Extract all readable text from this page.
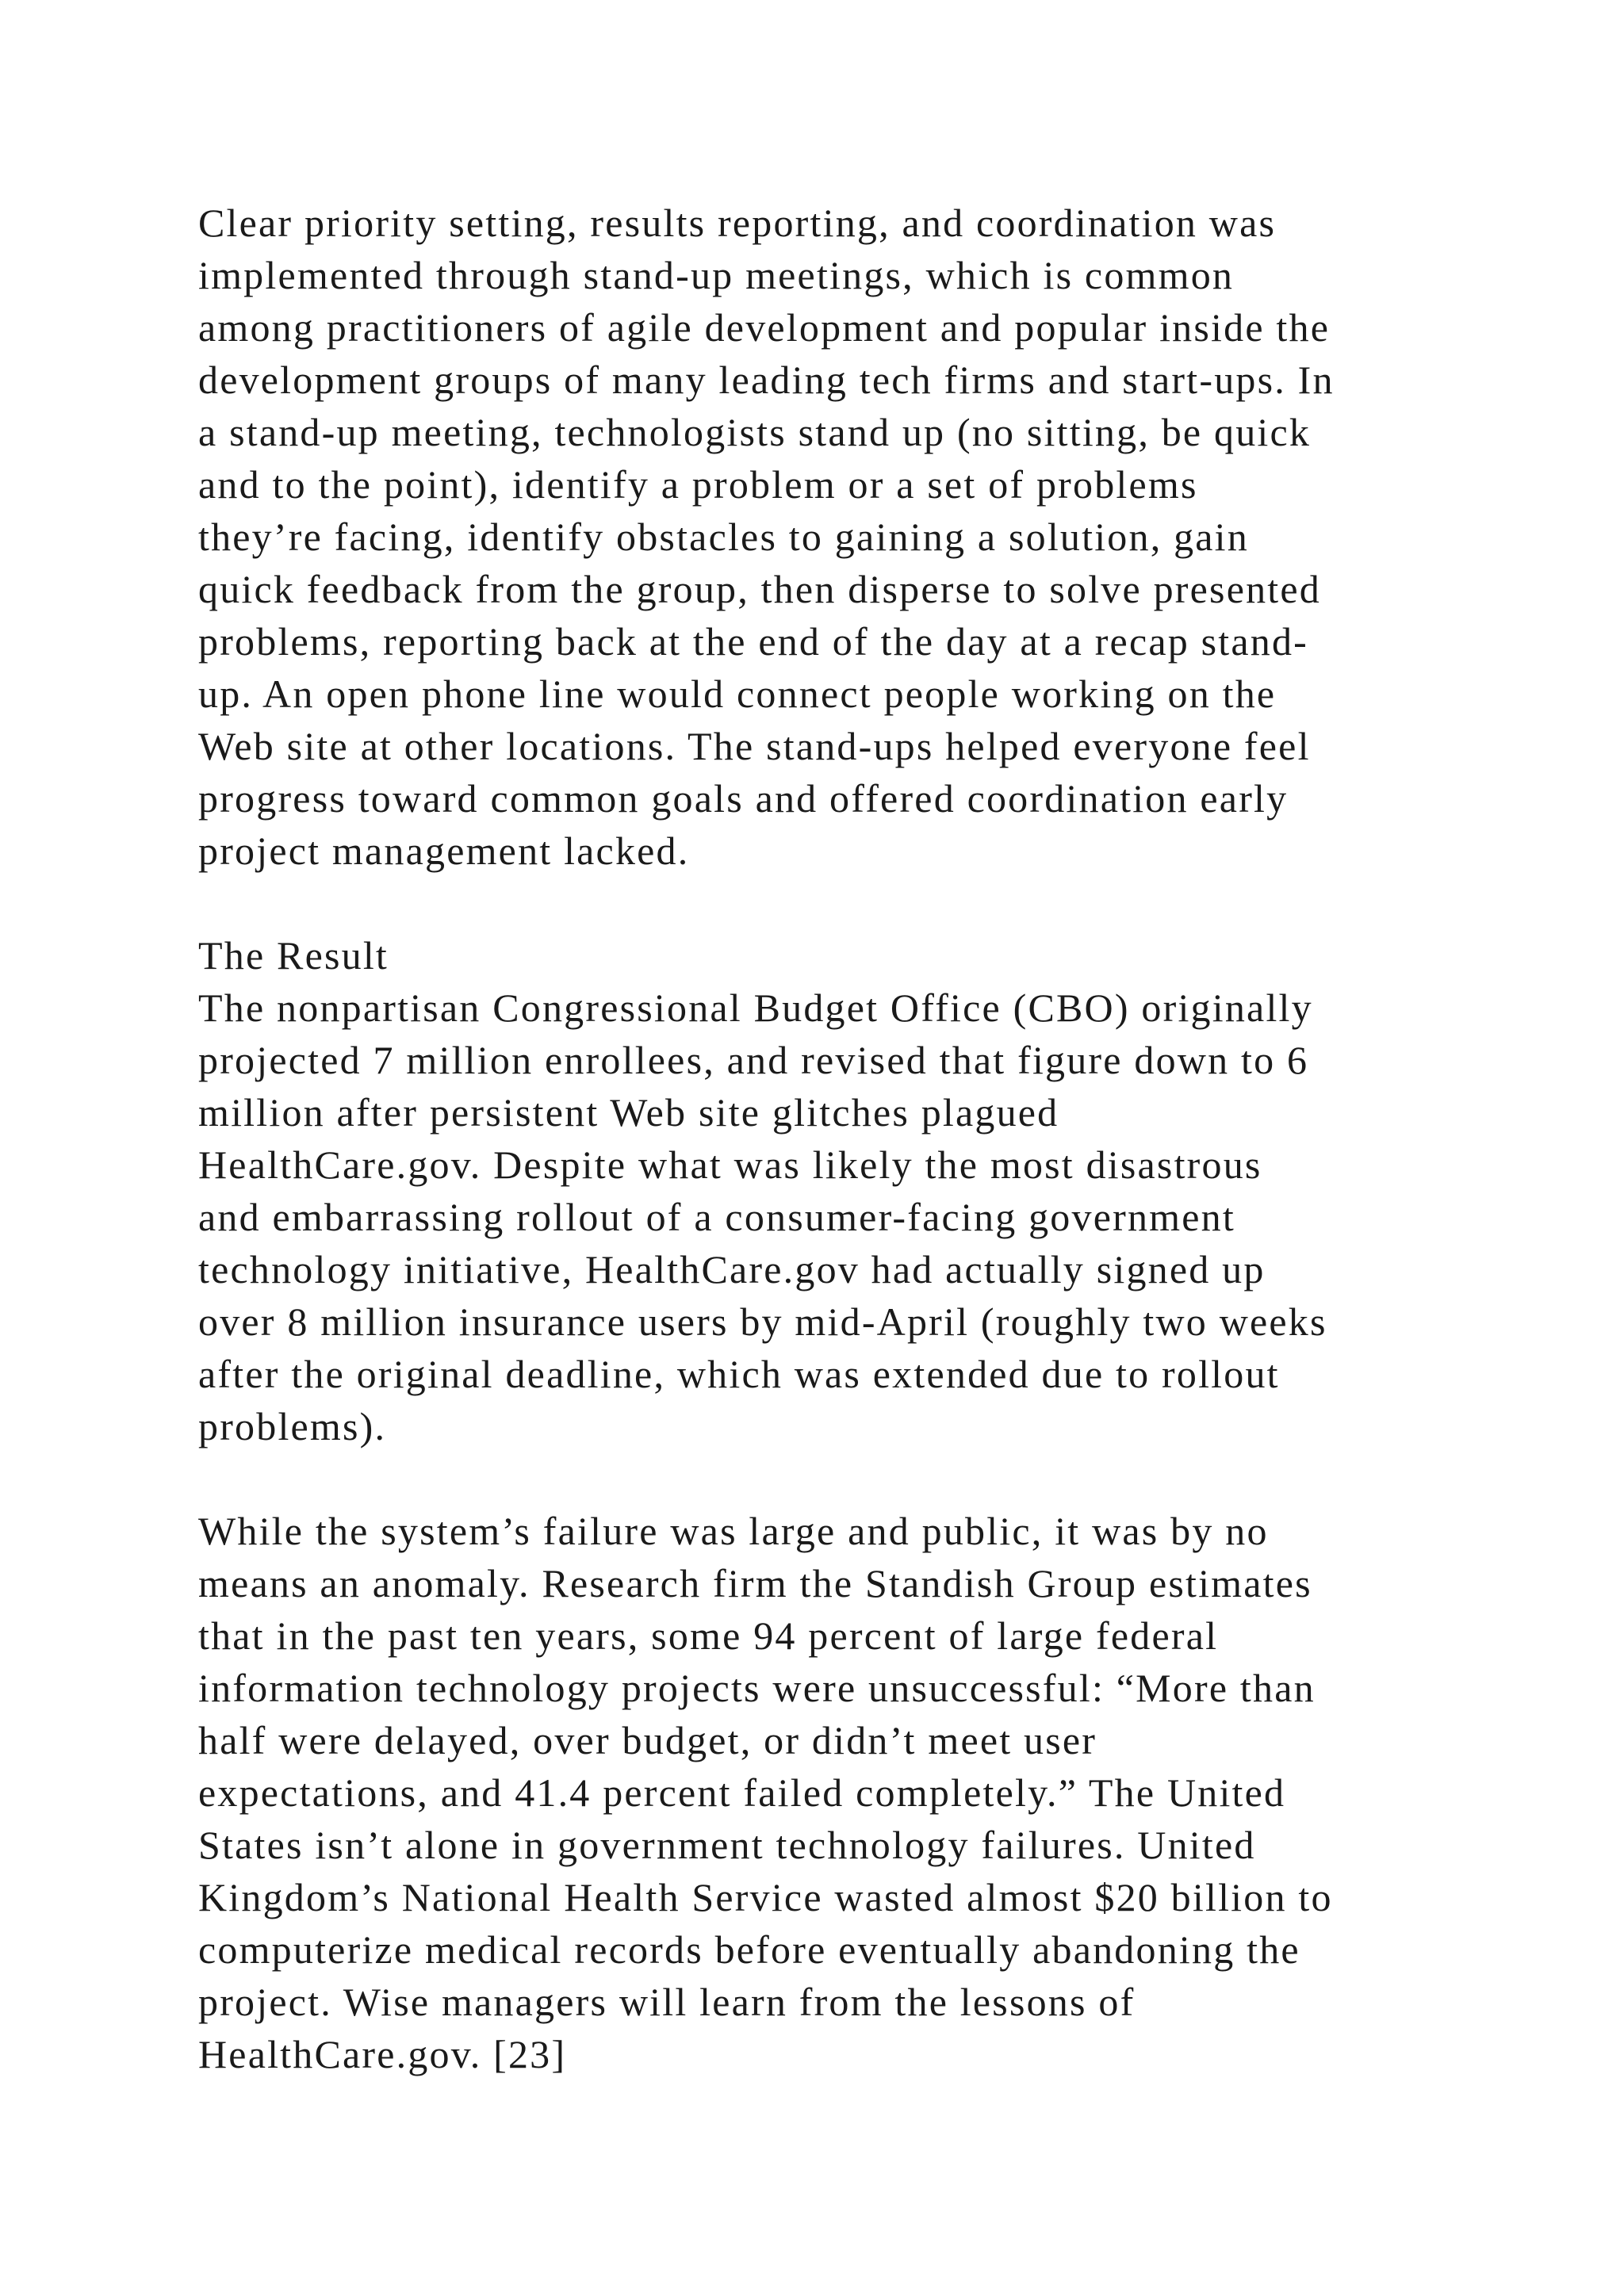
Clear priority setting, results reporting, and coordination was
implemented through stand-up meetings, which is common
among practitioners of agile development and popular inside the
development groups of many leading tech firms and start-ups. In
a stand-up meeting, technologists stand up (no sitting, be quick
and to the point), identify a problem or a set of problems
they’re facing, identify obstacles to gaining a solution, gain
quick feedback from the group, then disperse to solve presented
problems, reporting back at the end of the day at a recap stand-
up. An open phone line would connect people working on the
Web site at other locations. The stand-ups helped everyone feel
progress toward common goals and offered coordination early
project management lacked.
The Result
The nonpartisan Congressional Budget Office (CBO) originally
projected 7 million enrollees, and revised that figure down to 6
million after persistent Web site glitches plagued
HealthCare.gov. Despite what was likely the most disastrous
and embarrassing rollout of a consumer-facing government
technology initiative, HealthCare.gov had actually signed up
over 8 million insurance users by mid-April (roughly two weeks
after the original deadline, which was extended due to rollout
problems).
While the system’s failure was large and public, it was by no
means an anomaly. Research firm the Standish Group estimates
that in the past ten years, some 94 percent of large federal
information technology projects were unsuccessful: “More than
half were delayed, over budget, or didn’t meet user
expectations, and 41.4 percent failed completely.” The United
States isn’t alone in government technology failures. United
Kingdom’s National Health Service wasted almost $20 billion to
computerize medical records before eventually abandoning the
project. Wise managers will learn from the lessons of
HealthCare.gov. [23]
